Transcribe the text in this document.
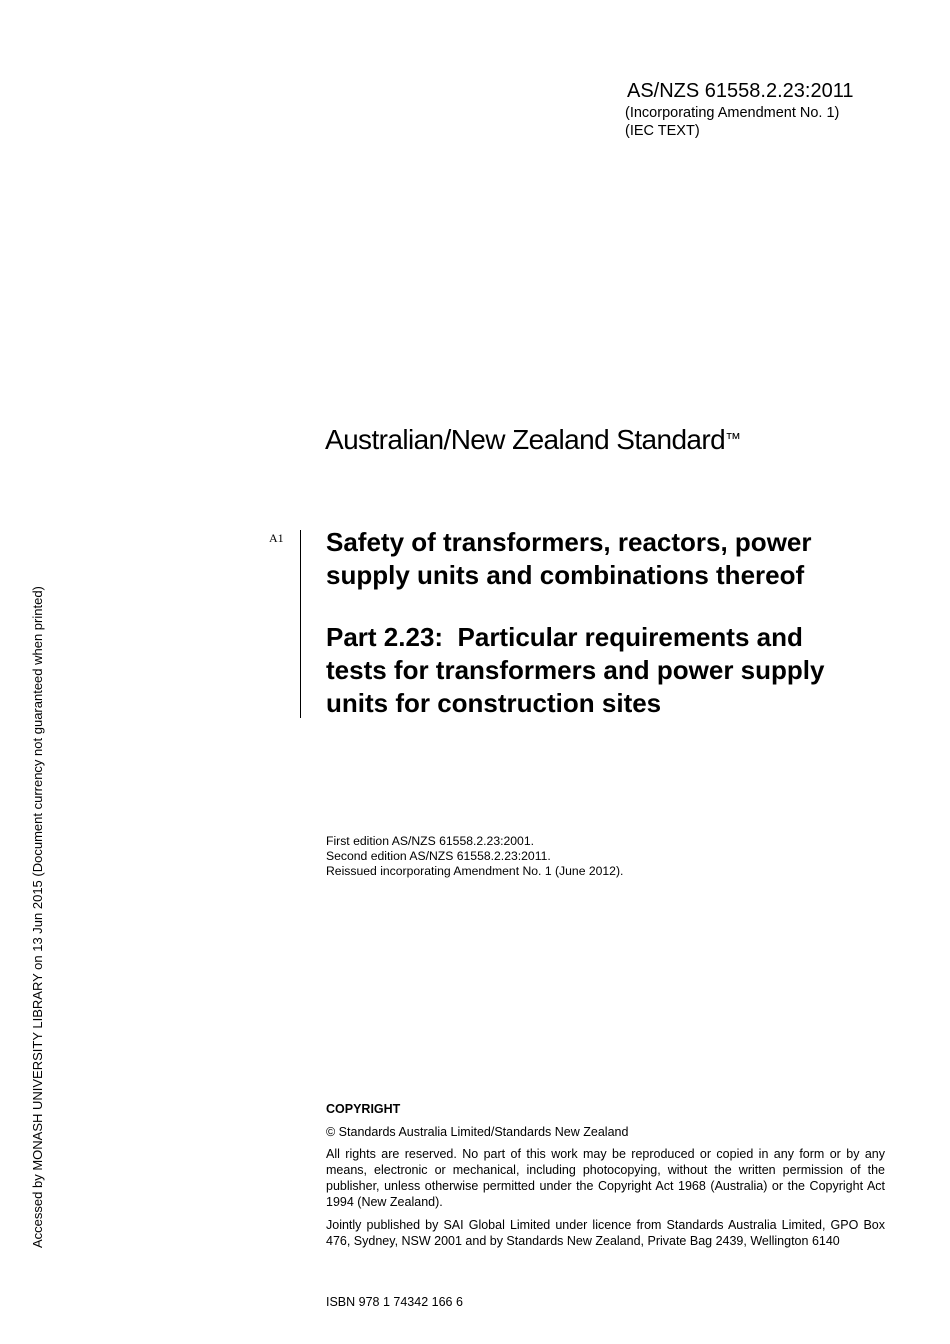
AS/NZS 61558.2.23:2011
(Incorporating Amendment No. 1)
(IEC TEXT)
Australian/New Zealand Standard™
A1 Safety of transformers, reactors, power
supply units and combinations thereof
Part 2.23:  Particular requirements and
tests for transformers and power supply
units for construction sites
First edition AS/NZS 61558.2.23:2001.
Second edition AS/NZS 61558.2.23:2011.
Reissued incorporating Amendment No. 1 (June 2012).
COPYRIGHT
© Standards Australia Limited/Standards New Zealand
All rights are reserved. No part of this work may be reproduced or copied in any form or by any means, electronic or mechanical, including photocopying, without the written permission of the publisher, unless otherwise permitted under the Copyright Act 1968 (Australia) or the Copyright Act 1994 (New Zealand).
Jointly published by SAI Global Limited under licence from Standards Australia Limited, GPO Box 476, Sydney, NSW 2001 and by Standards New Zealand, Private Bag 2439, Wellington 6140
ISBN 978 1 74342 166 6
Accessed by MONASH UNIVERSITY LIBRARY on 13 Jun 2015 (Document currency not guaranteed when printed)
